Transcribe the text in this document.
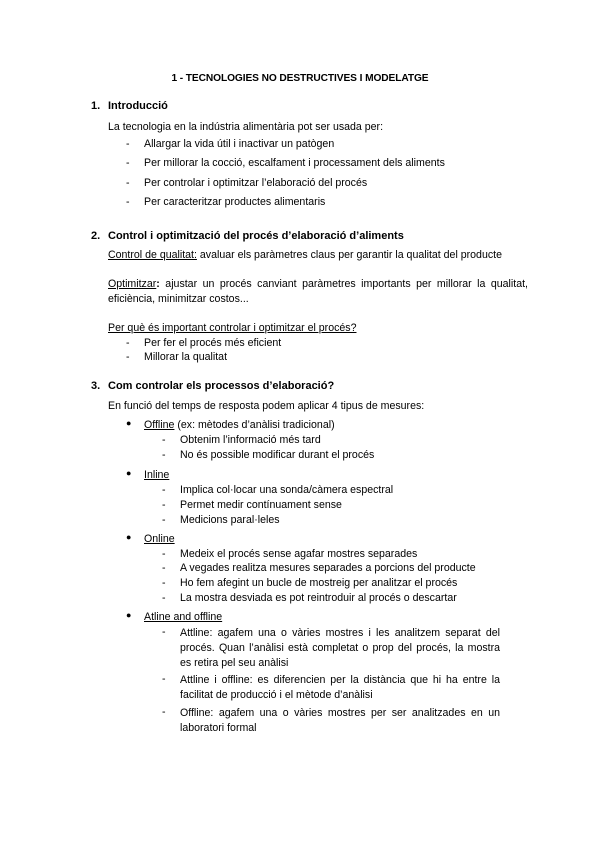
1 - TECNOLOGIES NO DESTRUCTIVES I MODELATGE
1. Introducció
La tecnologia en la indústria alimentària pot ser usada per:
- Allargar la vida útil i inactivar un patògen
- Per millorar la cocció, escalfament i processament dels aliments
- Per controlar i optimitzar l’elaboració del procés
- Per caracteritzar productes alimentaris
2. Control i optimització del procés d’elaboració d’aliments
Control de qualitat: avaluar els paràmetres claus per garantir la qualitat del producte
Optimitzar: ajustar un procés canviant paràmetres importants per millorar la qualitat, eficiència, minimitzar costos...
Per què és important controlar i optimitzar el procés?
- Per fer el procés més eficient
- Millorar la qualitat
3. Com controlar els processos d’elaboració?
En funció del temps de resposta podem aplicar 4 tipus de mesures:
● Offline (ex: mètodes d’anàlisi tradicional)
- Obtenim l’informació més tard
- No és possible modificar durant el procés
● Inline
- Implica col·locar una sonda/càmera espectral
- Permet medir contínuament sense
- Medicions paral·leles
● Online
- Medeix el procés sense agafar mostres separades
- A vegades realitza mesures separades a porcions del producte
- Ho fem afegint un bucle de mostreig per analitzar el procés
- La mostra desviada es pot reintroduir al procés o descartar
● Atline and offline
- Attline: agafem una o vàries mostres i les analitzem separat del procés. Quan l’anàlisi està completat o prop del procés, la mostra es retira pel seu anàlisi
- Attline i offline: es diferencien per la distància que hi ha entre la facilitat de producció i el mètode d’anàlisi
- Offline: agafem una o vàries mostres per ser analitzades en un laboratori formal
